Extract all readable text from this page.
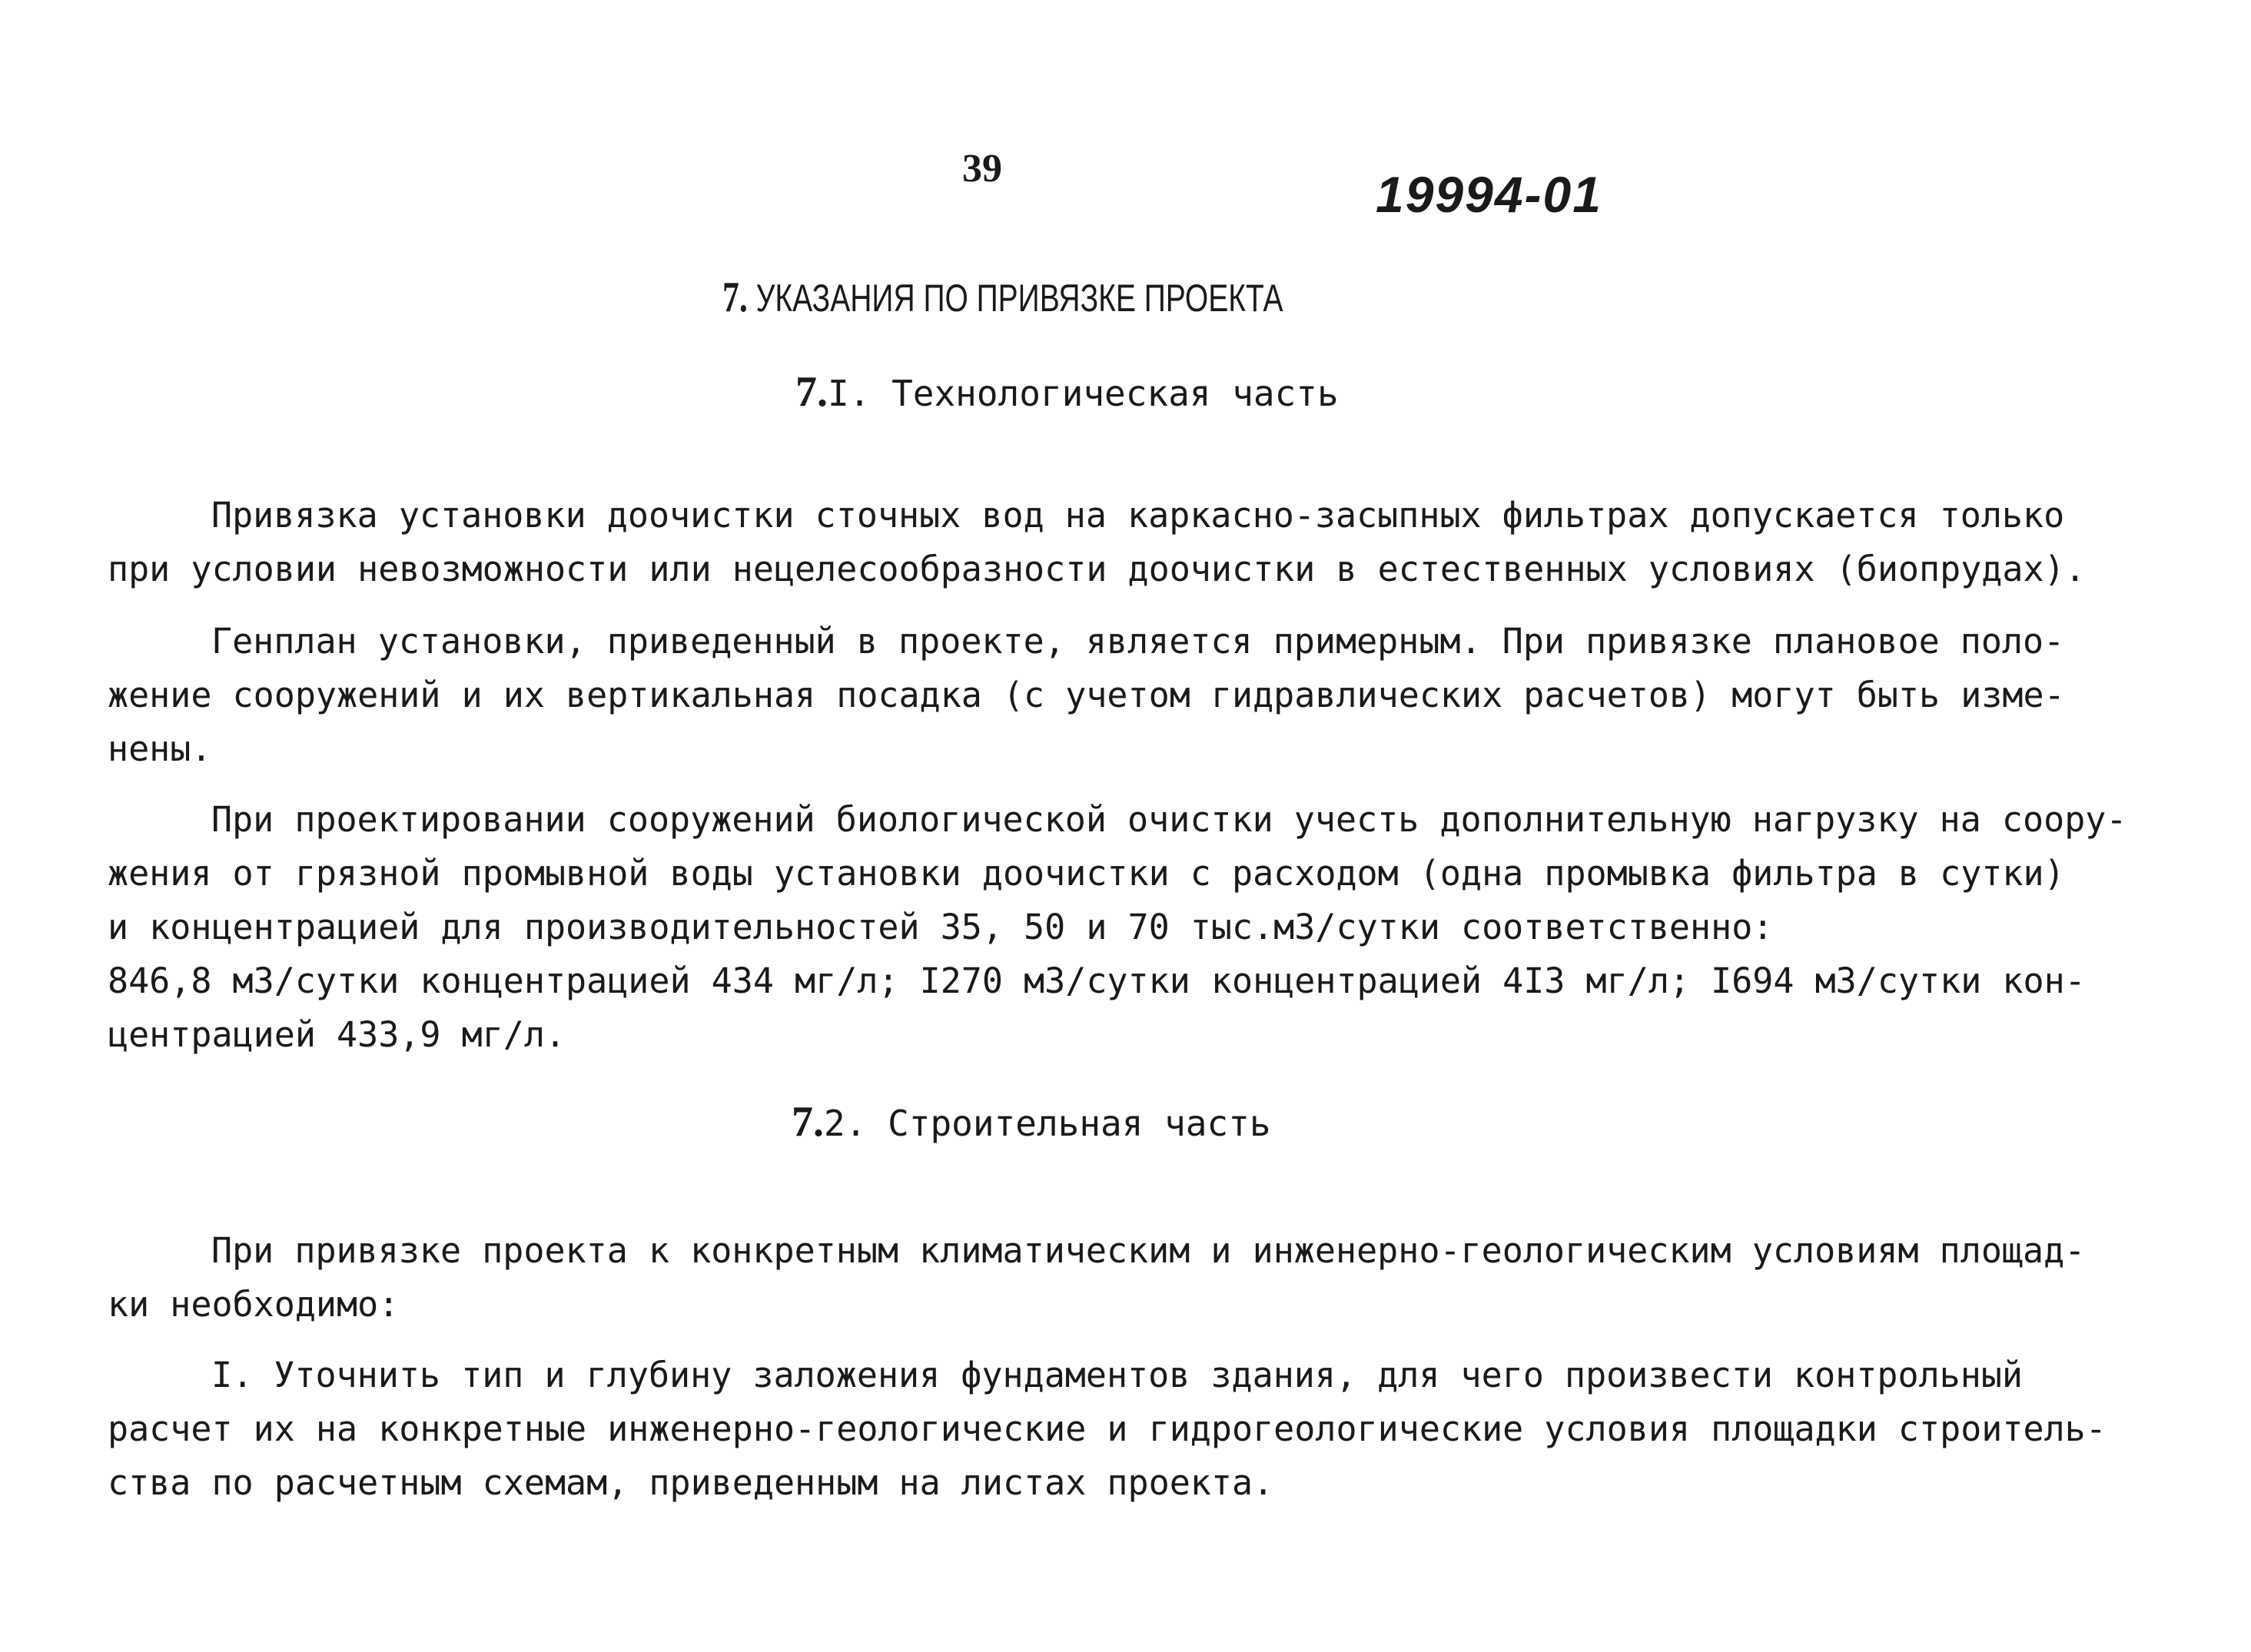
39	19994-01
7. УКАЗАНИЯ ПО ПРИВЯЗКЕ ПРОЕКТА
7.I. Технологическая часть
Привязка установки доочистки сточных вод на каркасно-засыпных фильтрах допускается только
при условии невозможности или нецелесообразности доочистки в естественных условиях (биопрудах).
Генплан установки, приведенный в проекте, является примерным. При привязке плановое поло-
жение сооружений и их вертикальная посадка (с учетом гидравлических расчетов) могут быть изме-
нены.
При проектировании сооружений биологической очистки учесть дополнительную нагрузку на соору-
жения от грязной промывной воды установки доочистки с расходом (одна промывка фильтра в сутки)
и концентрацией для производительностей 35, 50 и 70 тыс.м3/сутки соответственно:
846,8 м3/сутки концентрацией 434 мг/л; I270 м3/сутки концентрацией 4I3 мг/л; I694 м3/сутки кон-
центрацией 433,9 мг/л.
7.2. Строительная часть
При привязке проекта к конкретным климатическим и инженерно-геологическим условиям площад-
ки необходимо:
I. Уточнить тип и глубину заложения фундаментов здания, для чего произвести контрольный
расчет их на конкретные инженерно-геологические и гидрогеологические условия площадки строитель-
ства по расчетным схемам, приведенным на листах проекта.
